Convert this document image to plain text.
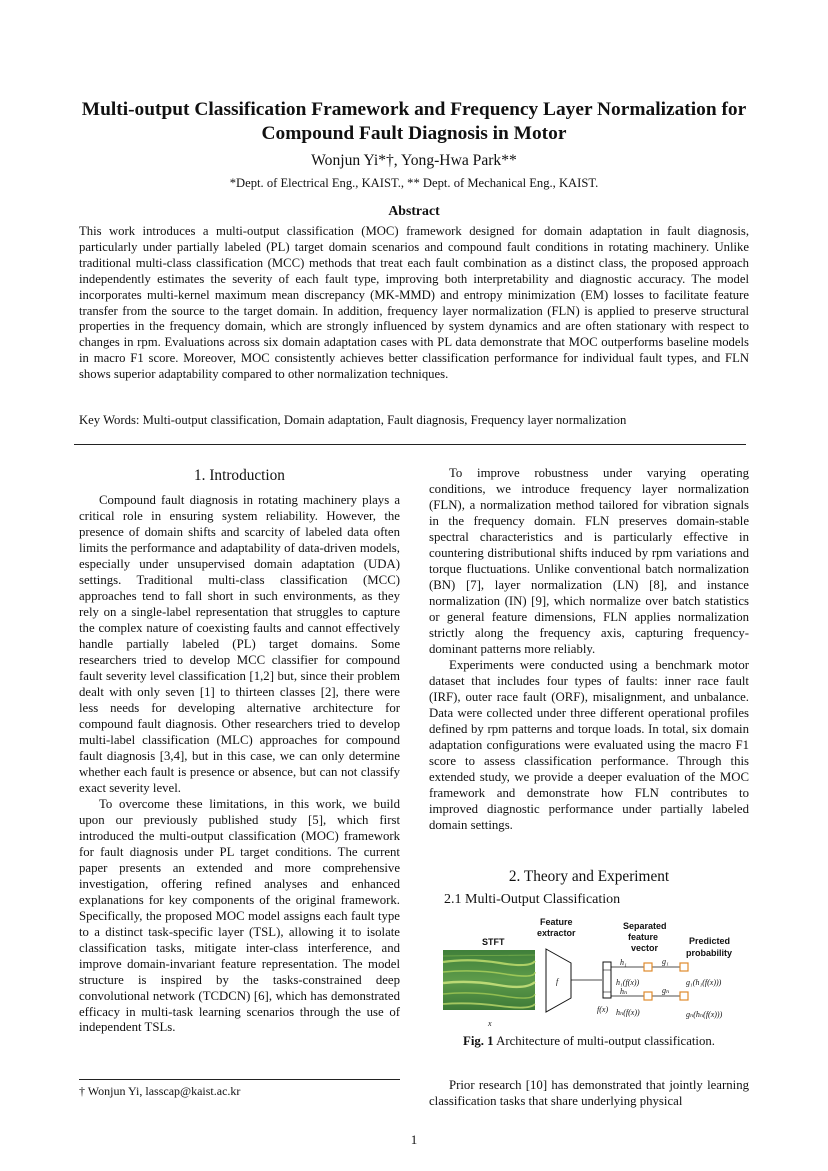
Multi-output Classification Framework and Frequency Layer Normalization for
Compound Fault Diagnosis in Motor
Wonjun Yi*†, Yong-Hwa Park**
*Dept. of Electrical Eng., KAIST., ** Dept. of Mechanical Eng., KAIST.
Abstract
This work introduces a multi-output classification (MOC) framework designed for domain adaptation in fault diagnosis, particularly under partially labeled (PL) target domain scenarios and compound fault conditions in rotating machinery. Unlike traditional multi-class classification (MCC) methods that treat each fault combination as a distinct class, the proposed approach independently estimates the severity of each fault type, improving both interpretability and diagnostic accuracy. The model incorporates multi-kernel maximum mean discrepancy (MK-MMD) and entropy minimization (EM) losses to facilitate feature transfer from the source to the target domain. In addition, frequency layer normalization (FLN) is applied to preserve structural properties in the frequency domain, which are strongly influenced by system dynamics and are often stationary with respect to changes in rpm. Evaluations across six domain adaptation cases with PL data demonstrate that MOC outperforms baseline models in macro F1 score. Moreover, MOC consistently achieves better classification performance for individual fault types, and FLN shows superior adaptability compared to other normalization techniques.
Key Words: Multi-output classification, Domain adaptation, Fault diagnosis, Frequency layer normalization
1. Introduction

Compound fault diagnosis in rotating machinery plays a critical role in ensuring system reliability. However, the presence of domain shifts and scarcity of labeled data often limits the performance and adaptability of data-driven models, especially under unsupervised domain adaptation (UDA) settings. Traditional multi-class classification (MCC) approaches tend to fall short in such environments, as they rely on a single-label representation that struggles to capture the complex nature of coexisting faults and cannot effectively handle partially labeled (PL) target domains. Some researchers tried to develop MCC classifier for compound fault severity level classification [1,2] but, since their problem dealt with only seven [1] to thirteen classes [2], there were less needs for developing alternative architecture for compound fault diagnosis. Other researchers tried to develop multi-label classification (MLC) approaches for compound fault diagnosis [3,4], but in this case, we can only determine whether each fault is presence or absence, but can not classify exact severity level.

To overcome these limitations, in this work, we build upon our previously published study [5], which first introduced the multi-output classification (MOC) framework for fault diagnosis under PL target conditions. The current paper presents an extended and more comprehensive investigation, offering refined analyses and enhanced explanations for key components of the original framework. Specifically, the proposed MOC model assigns each fault type to a distinct task-specific layer (TSL), allowing it to isolate classification tasks, mitigate inter-class interference, and improve domain-invariant feature representation. The model structure is inspired by the tasks-constrained deep convolutional network (TCDCN) [6], which has demonstrated efficacy in multi-task learning scenarios through the use of independent TSLs.

† Wonjun Yi, lasscap@kaist.ac.kr

To improve robustness under varying operating conditions, we introduce frequency layer normalization (FLN), a normalization method tailored for vibration signals in the frequency domain. FLN preserves domain-stable spectral characteristics and is particularly effective in countering distributional shifts induced by rpm variations and torque fluctuations. Unlike conventional batch normalization (BN) [7], layer normalization (LN) [8], and instance normalization (IN) [9], which normalize over batch statistics or general feature dimensions, FLN applies normalization strictly along the frequency axis, capturing frequency-dominant patterns more reliably.

Experiments were conducted using a benchmark motor dataset that includes four types of faults: inner race fault (IRF), outer race fault (ORF), misalignment, and unbalance. Data were collected under three different operational profiles defined by rpm patterns and torque loads. In total, six domain adaptation configurations were evaluated using the macro F1 score to assess classification performance. Through this extended study, we provide a deeper evaluation of the MOC framework and demonstrate how FLN contributes to improved diagnostic performance under partially labeled domain settings.

2. Theory and Experiment
2.1 Multi-Output Classification
STFT
Feature
extractor
Separated
feature
vector
Predicted
probability
x
f
f(x)
h₁
hₙ
h₁(f(x))
hₙ(f(x))
g₁
gₙ
g₁(h₁(f(x)))
gₙ(hₙ(f(x)))
Fig. 1 Architecture of multi-output classification.

Prior research [10] has demonstrated that jointly learning classification tasks that share underlying physical

1
